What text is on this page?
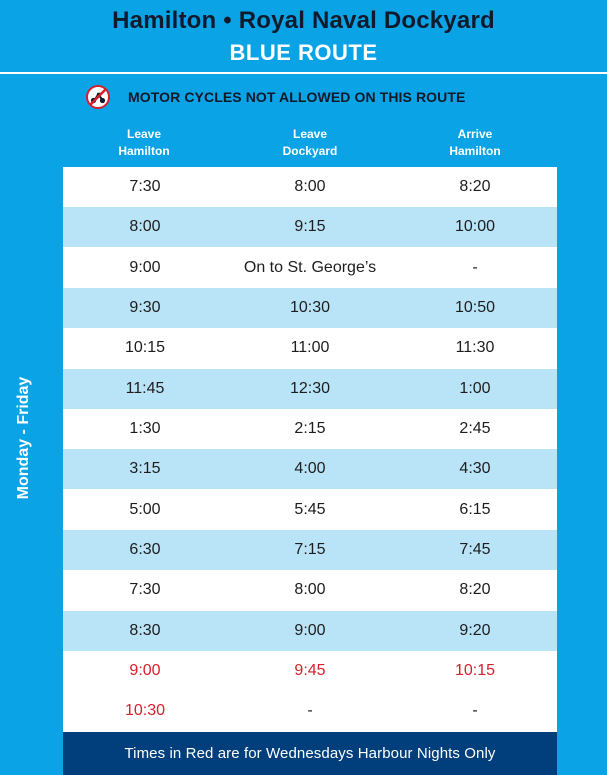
Hamilton • Royal Naval Dockyard
BLUE ROUTE
MOTOR CYCLES NOT ALLOWED ON THIS ROUTE
Leave
Hamilton
Leave
Dockyard
Arrive
Hamilton
Monday - Friday
7:30	8:00	8:20
8:00	9:15	10:00
9:00	On to St. George’s	-
9:30	10:30	10:50
10:15	11:00	11:30
11:45	12:30	1:00
1:30	2:15	2:45
3:15	4:00	4:30
5:00	5:45	6:15
6:30	7:15	7:45
7:30	8:00	8:20
8:30	9:00	9:20
9:00	9:45	10:15
10:30	-	-
Times in Red are for Wednesdays Harbour Nights Only
